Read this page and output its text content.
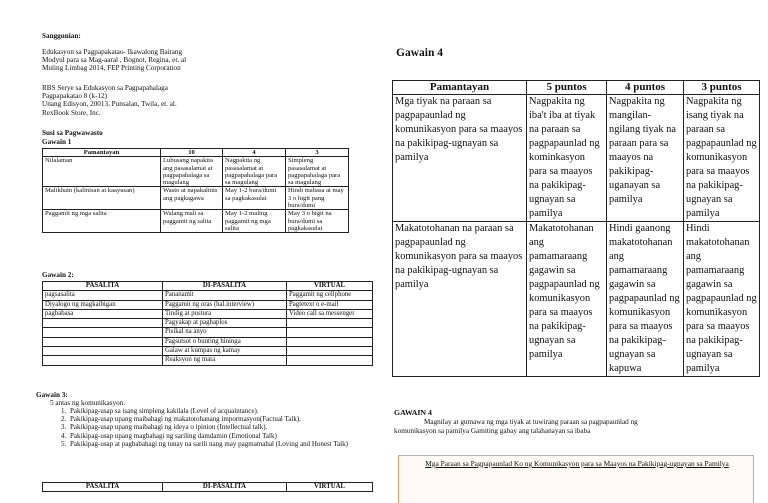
Sanggunian:
Edukasyon sa Pagpapakatao- Ikawalong Baitang
Modyul para sa Mag-aaral , Bognot, Regina, et. al
Muling Limbag 2014, FEP Printing Corporation
RBS Serye sa Edukasyon sa Pagpapahalaga
Pagpapakatao 8 (k-12)
Unang Edisyon, 20013, Punsalan, Twila, et. al.
RexBook Store, Inc.
Susi sa Pagwawasto
Gawain 1
Pamantayan	10	4	3
Nilalaman	Lubusang napakita ang pasasalamat at pagpapahalaga sa magulang	Nagpakita ng pasasalamat at pagpapahalaga para sa magulang	Simpleng pasasalamat at pagpapahalaga para sa magulang
Malikhain (kalinisan at kaayusan)	Wasto at napakalinis ang pagkagawa	May 1-2 bura/dumi sa pagkakasulat	Hindi mabasa at may 3 o higit pang bura/dumi
Paggamit ng mga salita	Walang mali sa paggamit ng salita	May 1-2 maling paggamit ng mga salita	May 3 o higit na bura/dumi sa pagkakasulat
Gawain 2:
PASALITA	DI-PASALITA	VIRTUAL
pagsasalita	Pananamit	Paggamit ng cellphone
Diyalogo ng magkaibigan	Paggamit ng oras (hal.interview)	Pagtetext o e-mail
pagbabasa	Tindig at pustura	Video call sa messenger
	Pagyakap at paghaplos	
	Pisikal na anyo	
	Pagsutsot o bunting hininga	
	Galaw at kumpas ng kamay	
	Reaksyon ng mata	
Gawain 3:
5 antas ng komunikasyon.
1. Pakikipag-usap sa isang simpleng kakilala (Level of acquaintance).
2. Pakikipag-usap upang maibahagi ng makatotohanang impormasyon(Factual Talk).
3. Pakikipag-usap upang maibahagi ng ideya o ipinion (Intellectual talk).
4. Pakikipag-usap upang magbahagi ng sariling damdamin (Emotional Talk)
5. Pakikipag-usap at pagbabahagi ng tunay na sarili nang may pagmamahal (Loving and Honest Talk)
PASALITA	DI-PASALITA	VIRTUAL
Gawain 4
Pamantayan	5 puntos	4 puntos	3 puntos
Mga tiyak na paraan sa pagpapaunlad ng komunikasyon para sa maayos na pakikipag-ugnayan sa pamilya	Nagpakita ng iba't iba at tiyak na paraan sa pagpapaunlad ng kominkasyon para sa maayos na pakikipag-ugnayan sa pamilya	Nagpakita ng mangilan-ngilang tiyak na paraan para sa maayos na pakikipag-uganayan sa pamilya	Nagpakita ng isang tiyak na paraan sa pagpapaunlad ng komunikasyon para sa maayos na pakikipag-ugnayan sa pamilya
Makatotohanan na paraan sa pagpapaunlad ng komunikasyon para sa maayos na pakikipag-ugnayan sa pamilya	Makatotohanan ang pamamaraang gagawin sa pagpapaunlad ng komunikasyon para sa maayos na pakikipag-ugnayan sa pamilya	Hindi gaanong makatotohanan ang pamamaraang gagawin sa pagpapaunlad ng komunikasyon para sa maayos na pakikipag-ugnayan sa kapuwa	Hindi makatotohanan ang pamamaraang gagawin sa pagpapaunlad ng komunikasyon para sa maayos na pakikipag-ugnayan sa pamilya
GAWAIN 4
Magnilay at gumawa ng mga tiyak at tuwirang paraan sa pagpapaunlad ng
komunikasyon sa pamilya Gamiting gabay ang talahanayan sa ibaba
Mga Paraan sa Pagpapaunlad Ko ng Komunikasyon para sa Maayos na Pakikipag-ugnayan sa Pamilya
